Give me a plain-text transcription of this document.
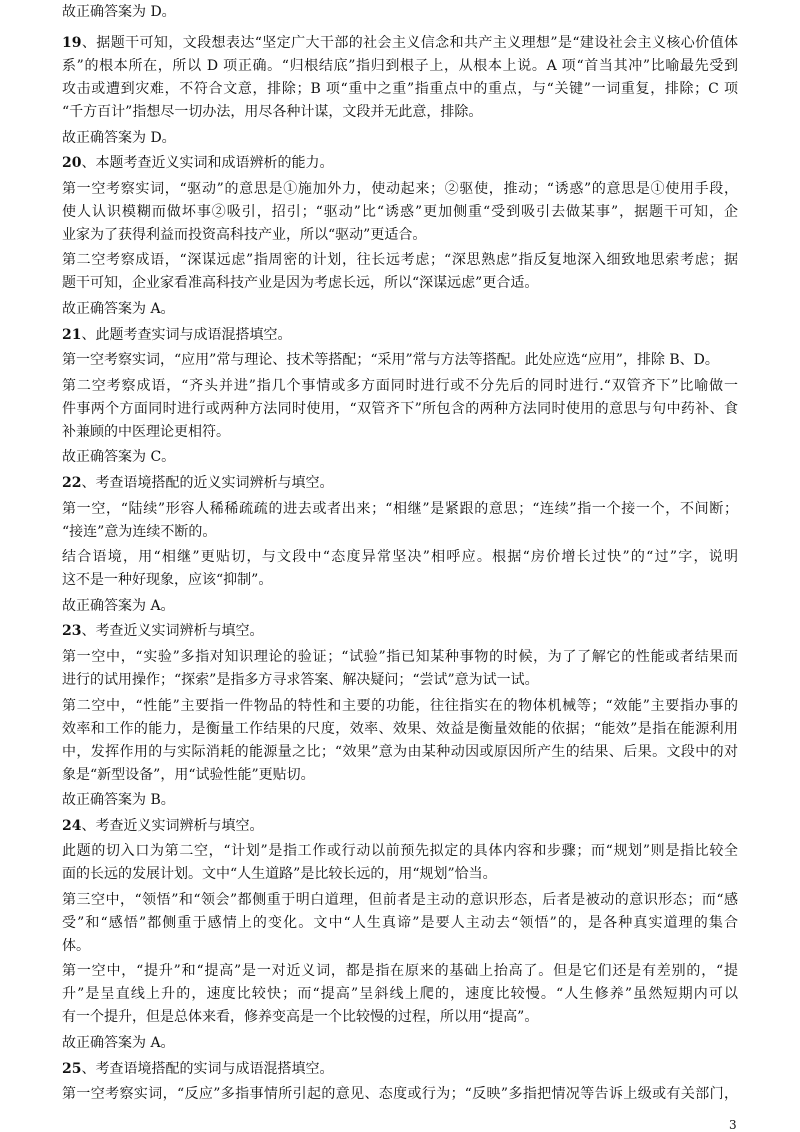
故正确答案为 D。
19、据题干可知，文段想表达“坚定广大干部的社会主义信念和共产主义理想”是“建设社会主义核心价值体
系”的根本所在，所以 D 项正确。“归根结底”指归到根子上，从根本上说。A 项“首当其冲”比喻最先受到
攻击或遭到灾难，不符合文意，排除；B 项“重中之重”指重点中的重点，与“关键”一词重复，排除；C 项
“千方百计”指想尽一切办法，用尽各种计谋，文段并无此意，排除。
故正确答案为 D。
20、本题考查近义实词和成语辨析的能力。
第一空考察实词，“驱动”的意思是①施加外力，使动起来；②驱使，推动；“诱惑”的意思是①使用手段，
使人认识模糊而做坏事②吸引，招引；“驱动”比“诱惑”更加侧重“受到吸引去做某事”，据题干可知，企
业家为了获得利益而投资高科技产业，所以“驱动”更适合。
第二空考察成语，“深谋远虑”指周密的计划，往长远考虑；“深思熟虑”指反复地深入细致地思索考虑；据
题干可知，企业家看准高科技产业是因为考虑长远，所以“深谋远虑”更合适。
故正确答案为 A。
21、此题考查实词与成语混搭填空。
第一空考察实词，“应用”常与理论、技术等搭配；“采用”常与方法等搭配。此处应选“应用”，排除 B、D。
第二空考察成语，“齐头并进”指几个事情或多方面同时进行或不分先后的同时进行.“双管齐下”比喻做一
件事两个方面同时进行或两种方法同时使用，“双管齐下”所包含的两种方法同时使用的意思与句中药补、食
补兼顾的中医理论更相符。
故正确答案为 C。
22、考查语境搭配的近义实词辨析与填空。
第一空，“陆续”形容人稀稀疏疏的进去或者出来；“相继”是紧跟的意思；“连续”指一个接一个，不间断；
“接连”意为连续不断的。
结合语境，用“相继”更贴切，与文段中“态度异常坚决”相呼应。根据“房价增长过快”的“过”字，说明
这不是一种好现象，应该“抑制”。
故正确答案为 A。
23、考查近义实词辨析与填空。
第一空中，“实验”多指对知识理论的验证；“试验”指已知某种事物的时候，为了了解它的性能或者结果而
进行的试用操作；“探索”是指多方寻求答案、解决疑问；“尝试”意为试一试。
第二空中，“性能”主要指一件物品的特性和主要的功能，往往指实在的物体机械等；“效能”主要指办事的
效率和工作的能力，是衡量工作结果的尺度，效率、效果、效益是衡量效能的依据；“能效”是指在能源利用
中，发挥作用的与实际消耗的能源量之比；“效果”意为由某种动因或原因所产生的结果、后果。文段中的对
象是“新型设备”，用“试验性能”更贴切。
故正确答案为 B。
24、考查近义实词辨析与填空。
此题的切入口为第二空，“计划”是指工作或行动以前预先拟定的具体内容和步骤；而“规划”则是指比较全
面的长远的发展计划。文中“人生道路”是比较长远的，用“规划”恰当。
第三空中，“领悟”和“领会”都侧重于明白道理，但前者是主动的意识形态，后者是被动的意识形态；而“感
受”和“感悟”都侧重于感情上的变化。文中“人生真谛”是要人主动去“领悟”的，是各种真实道理的集合
体。
第一空中，“提升”和“提高”是一对近义词，都是指在原来的基础上抬高了。但是它们还是有差别的，“提
升”是呈直线上升的，速度比较快；而“提高”呈斜线上爬的，速度比较慢。“人生修养”虽然短期内可以
有一个提升，但是总体来看，修养变高是一个比较慢的过程，所以用“提高”。
故正确答案为 A。
25、考查语境搭配的实词与成语混搭填空。
第一空考察实词，“反应”多指事情所引起的意见、态度或行为；“反映”多指把情况等告诉上级或有关部门，
3
